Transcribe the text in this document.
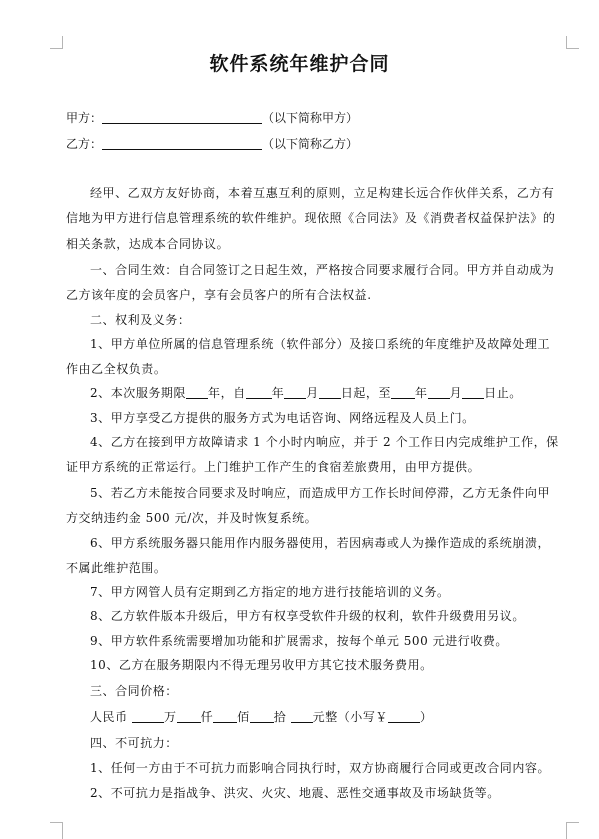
软件系统年维护合同
甲方：	（以下简称甲方）
乙方：	（以下简称乙方）
经甲、乙双方友好协商，本着互惠互利的原则，立足构建长远合作伙伴关系，乙方有
信地为甲方进行信息管理系统的软件维护。现依照《合同法》及《消费者权益保护法》的
相关条款，达成本合同协议。
一、合同生效：自合同签订之日起生效，严格按合同要求履行合同。甲方并自动成为
乙方该年度的会员客户，享有会员客户的所有合法权益.
二、权利及义务：
1、甲方单位所属的信息管理系统（软件部分）及接口系统的年度维护及故障处理工
作由乙全权负责。
2、本次服务期限 年，自 年 月 日起，至 年 月 日止。
3、甲方享受乙方提供的服务方式为电话咨询、网络远程及人员上门。
4、乙方在接到甲方故障请求 1 个小时内响应，并于 2 个工作日内完成维护工作，保
证甲方系统的正常运行。上门维护工作产生的食宿差旅费用，由甲方提供。
5、若乙方未能按合同要求及时响应，而造成甲方工作长时间停滞，乙方无条件向甲
方交纳违约金 500 元/次，并及时恢复系统。
6、甲方系统服务器只能用作内服务器使用，若因病毒或人为操作造成的系统崩溃，
不属此维护范围。
7、甲方网管人员有定期到乙方指定的地方进行技能培训的义务。
8、乙方软件版本升级后，甲方有权享受软件升级的权利，软件升级费用另议。
9、甲方软件系统需要增加功能和扩展需求，按每个单元 500 元进行收费。
10、乙方在服务期限内不得无理另收甲方其它技术服务费用。
三、合同价格：
人民币	万 仟 佰 拾 元整（小写￥	）
四、不可抗力：
1、任何一方由于不可抗力而影响合同执行时，双方协商履行合同或更改合同内容。
2、不可抗力是指战争、洪灾、火灾、地震、恶性交通事故及市场缺货等。
